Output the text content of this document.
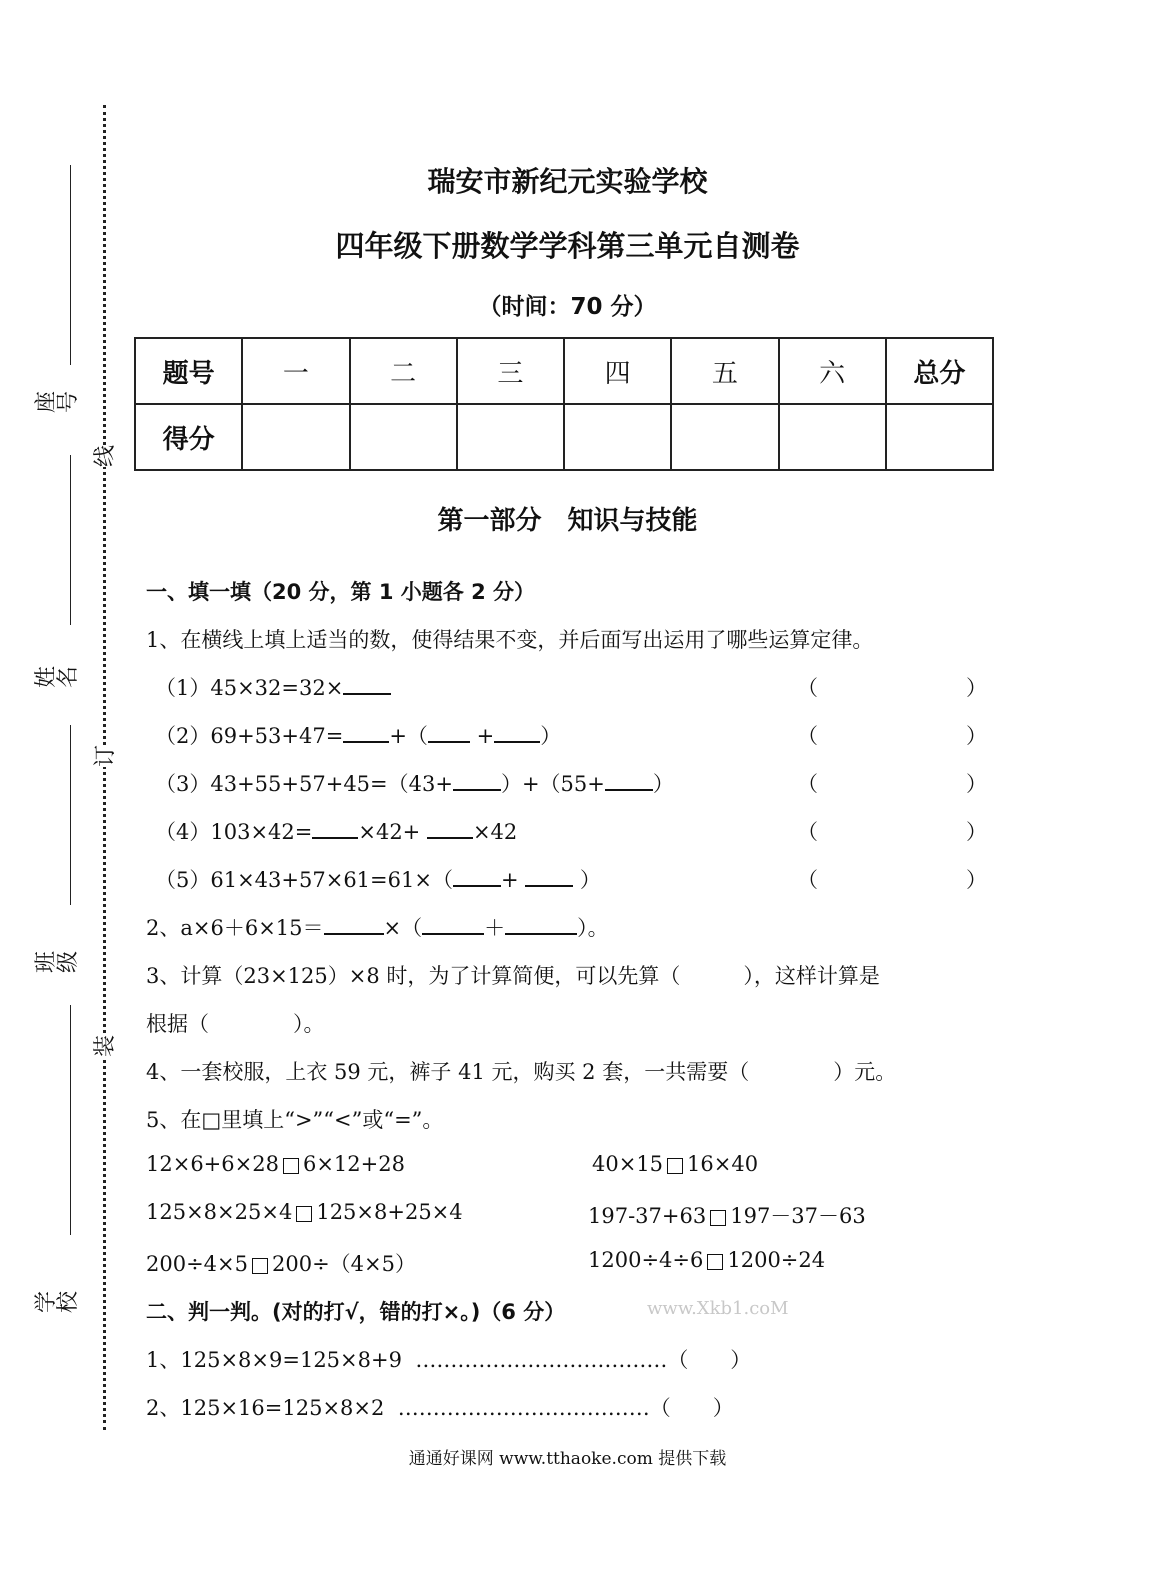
座 号
姓 名
班 级
学 校
线
订
装
瑞安市新纪元实验学校
四年级下册数学学科第三单元自测卷
（时间：70 分）
题号	一	二	三	四	五	六	总分
得分							
第一部分　知识与技能
一、填一填（20 分，第 1 小题各 2 分）
1、在横线上填上适当的数，使得结果不变，并后面写出运用了哪些运算定律。
（1）45×32=32×
（2）69+53+47= +（ + ）
（3）43+55+57+45=（43+ ）+（55+ ）
（4）103×42= ×42+ ×42
（5）61×43+57×61=61×（ +  ）
（	）
（	）
（	）
（	）
（	）
2、a×6＋6×15＝	×（	＋	）。
3、计算（23×125）×8 时，为了计算简便，可以先算（　　　），这样计算是
根据（　　　　）。
4、一套校服，上衣 59 元，裤子 41 元，购买 2 套，一共需要（　　　　）元。
5、在□里填上“>”“<”或“=”。
12×6+6×28 6×12+28	40×15 16×40
125×8×25×4 125×8+25×4	197-37+63 197－37－63
200÷4×5 200÷（4×5）	1200÷4÷6 1200÷24
二、判一判。(对的打√，错的打×。)（6 分）	www.Xkb1.coM
1、125×8×9=125×8+9 ………………………………（　　）
2、125×16=125×8×2 ………………………………（　　）
通通好课网 www.tthaoke.com 提供下载
